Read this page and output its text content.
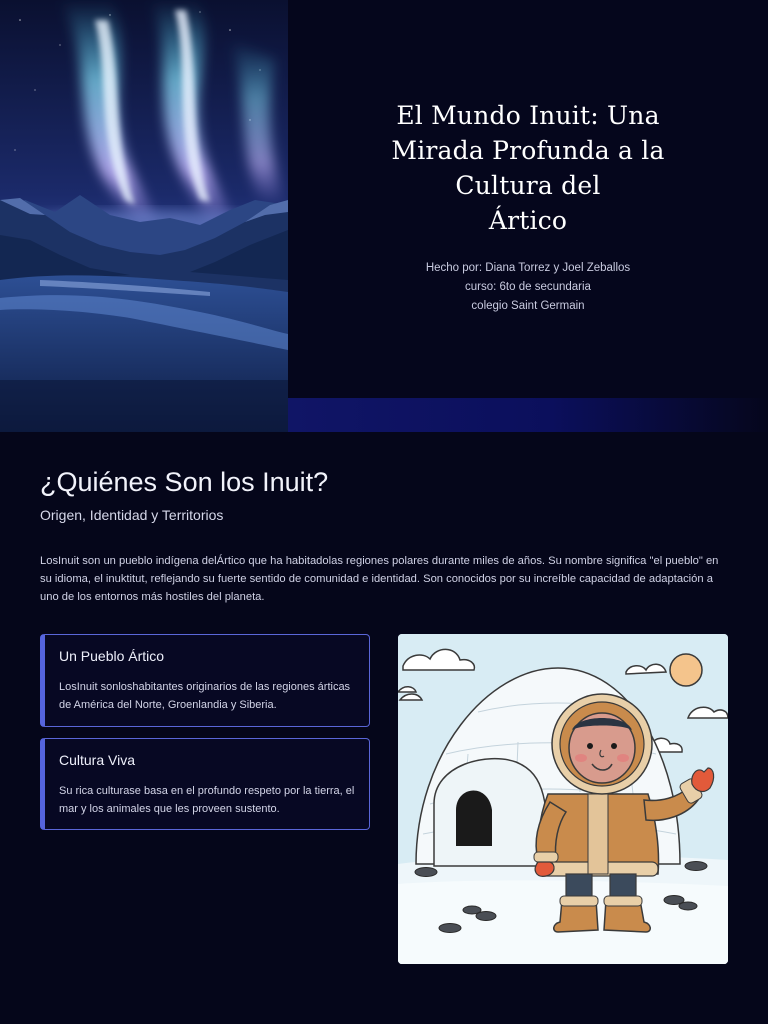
El Mundo Inuit: Una
Mirada Profunda a la
Cultura del
Ártico
Hecho por: Diana Torrez y Joel Zeballos
curso: 6to de secundaria
colegio Saint Germain
¿Quiénes Son los Inuit?
Origen, Identidad y Territorios

LosInuit son un pueblo indígena delÁrtico que ha habitadolas regiones polares durante miles de años. Su nombre significa "el pueblo" en su idioma, el inuktitut, reflejando su fuerte sentido de comunidad e identidad. Son conocidos por su increíble capacidad de adaptación a uno de los entornos más hostiles del planeta.

Un Pueblo Ártico
LosInuit sonloshabitantes originarios de las regiones árticas de América del Norte, Groenlandia y Siberia.
Cultura Viva
Su rica culturase basa en el profundo respeto por la tierra, el mar y los animales que les proveen sustento.
